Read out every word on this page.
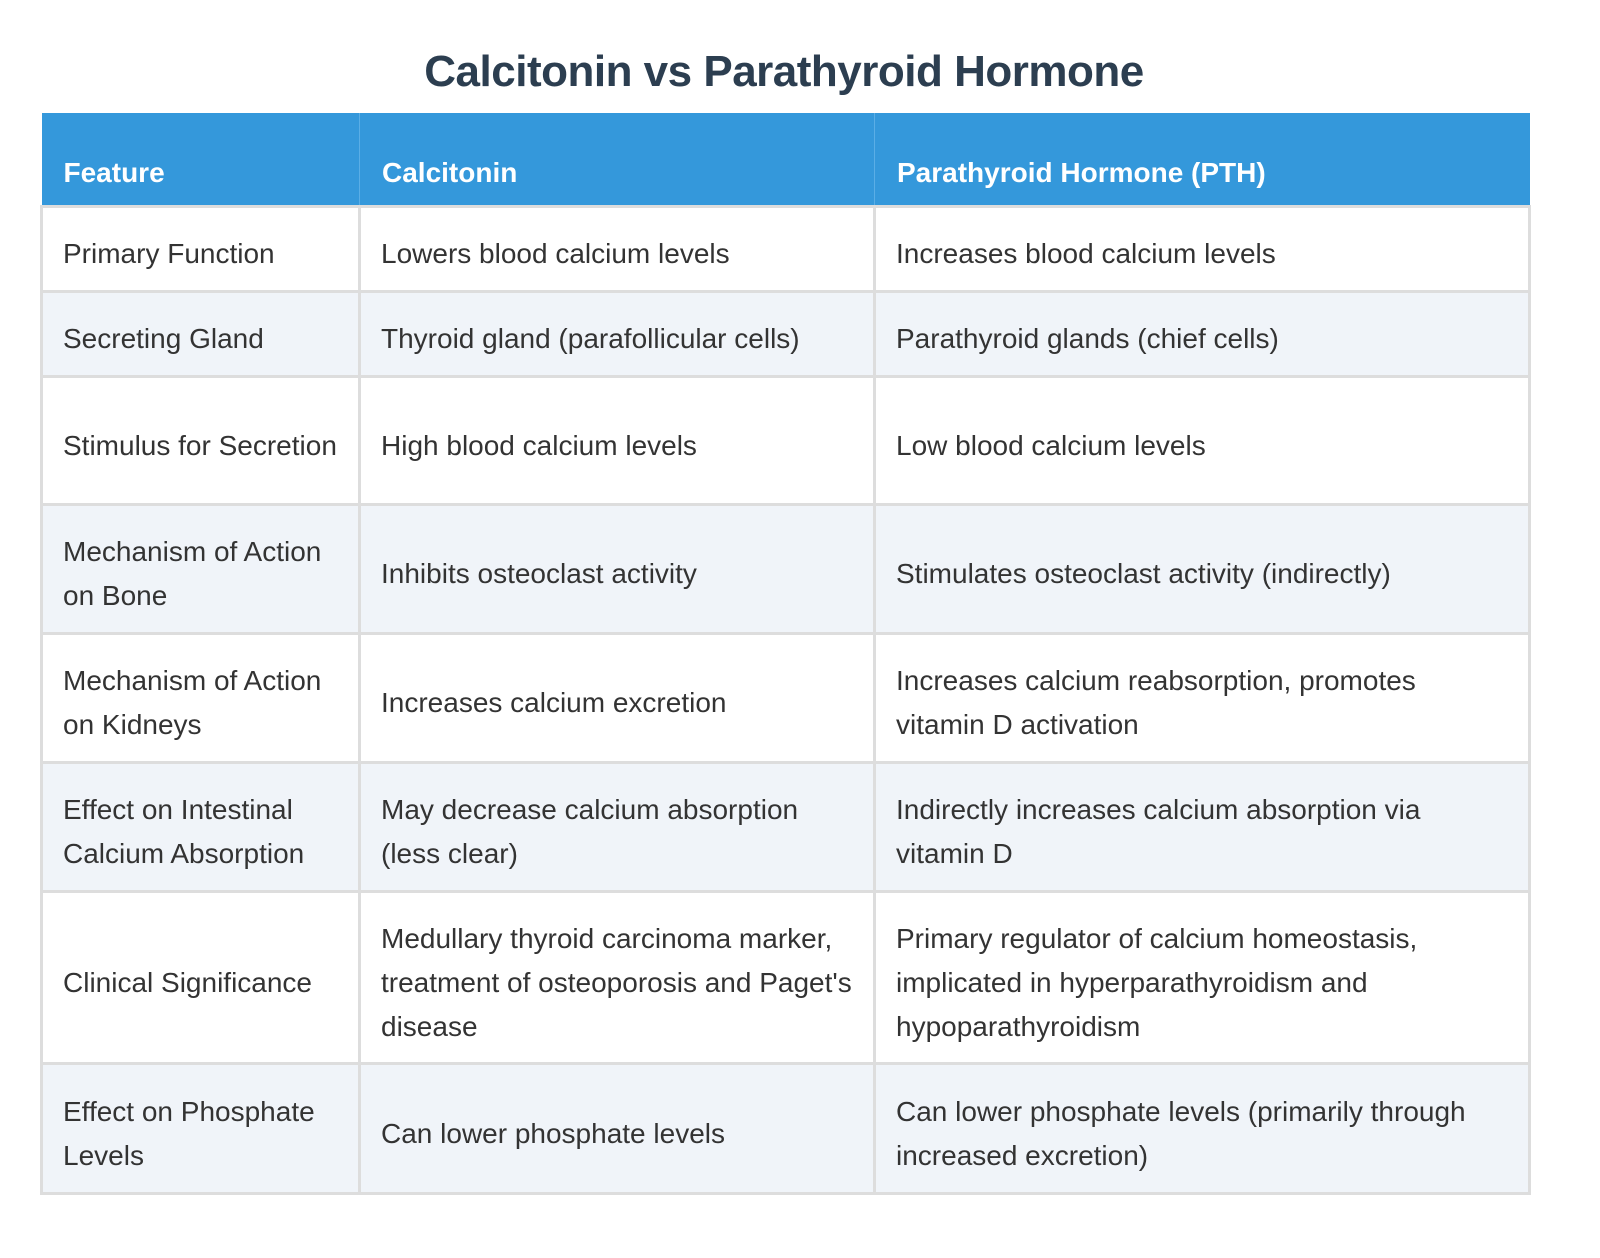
Calcitonin vs Parathyroid Hormone
Feature	Calcitonin	Parathyroid Hormone (PTH)
Primary Function	Lowers blood calcium levels	Increases blood calcium levels
Secreting Gland	Thyroid gland (parafollicular cells)	Parathyroid glands (chief cells)
Stimulus for Secretion	High blood calcium levels	Low blood calcium levels
Mechanism of Action on Bone	Inhibits osteoclast activity	Stimulates osteoclast activity (indirectly)
Mechanism of Action on Kidneys	Increases calcium excretion	Increases calcium reabsorption, promotes vitamin D activation
Effect on Intestinal Calcium Absorption	May decrease calcium absorption (less clear)	Indirectly increases calcium absorption via vitamin D
Clinical Significance	Medullary thyroid carcinoma marker, treatment of osteoporosis and Paget's disease	Primary regulator of calcium homeostasis, implicated in hyperparathyroidism and hypoparathyroidism
Effect on Phosphate Levels	Can lower phosphate levels	Can lower phosphate levels (primarily through increased excretion)
